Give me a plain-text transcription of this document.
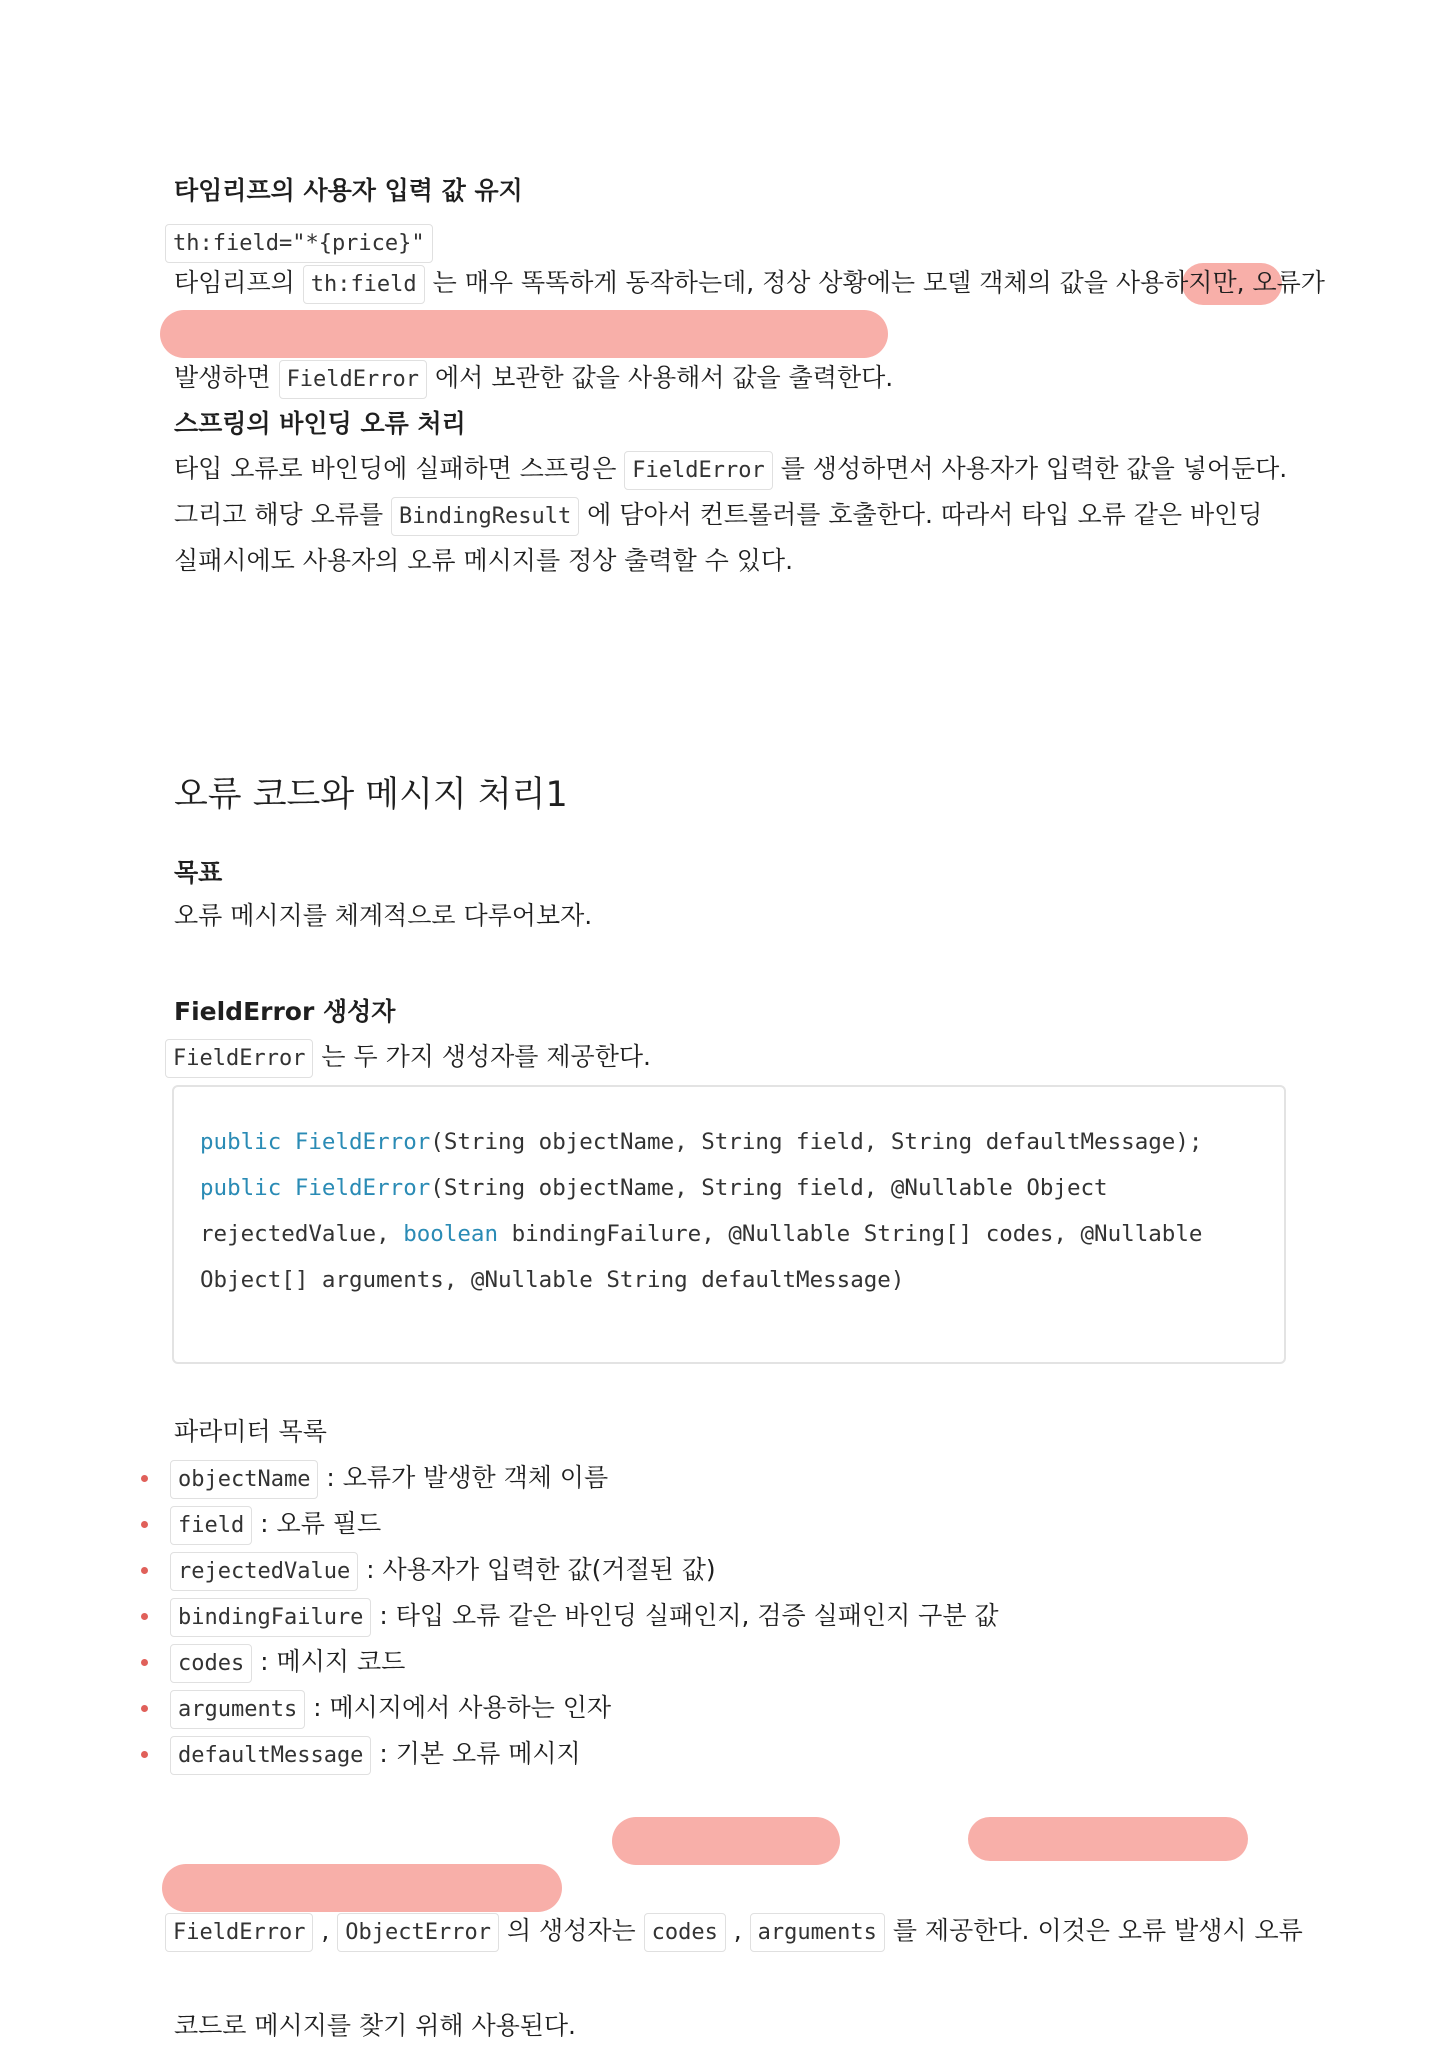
타임리프의 사용자 입력 값 유지
th:field="*{price}"
타임리프의 th:field 는 매우 똑똑하게 동작하는데, 정상 상황에는 모델 객체의 값을 사용하지만, 오류가
발생하면 FieldError 에서 보관한 값을 사용해서 값을 출력한다.
스프링의 바인딩 오류 처리
타입 오류로 바인딩에 실패하면 스프링은 FieldError 를 생성하면서 사용자가 입력한 값을 넣어둔다.
그리고 해당 오류를 BindingResult 에 담아서 컨트롤러를 호출한다. 따라서 타입 오류 같은 바인딩
실패시에도 사용자의 오류 메시지를 정상 출력할 수 있다.
오류 코드와 메시지 처리1
목표
오류 메시지를 체계적으로 다루어보자.
FieldError 생성자
FieldError 는 두 가지 생성자를 제공한다.
public FieldError(String objectName, String field, String defaultMessage);
public FieldError(String objectName, String field, @Nullable Object
rejectedValue, boolean bindingFailure, @Nullable String[] codes, @Nullable
Object[] arguments, @Nullable String defaultMessage)
파라미터 목록
objectName : 오류가 발생한 객체 이름
field : 오류 필드
rejectedValue : 사용자가 입력한 값(거절된 값)
bindingFailure : 타입 오류 같은 바인딩 실패인지, 검증 실패인지 구분 값
codes : 메시지 코드
arguments : 메시지에서 사용하는 인자
defaultMessage : 기본 오류 메시지
FieldError , ObjectError 의 생성자는 codes , arguments 를 제공한다. 이것은 오류 발생시 오류
코드로 메시지를 찾기 위해 사용된다.
